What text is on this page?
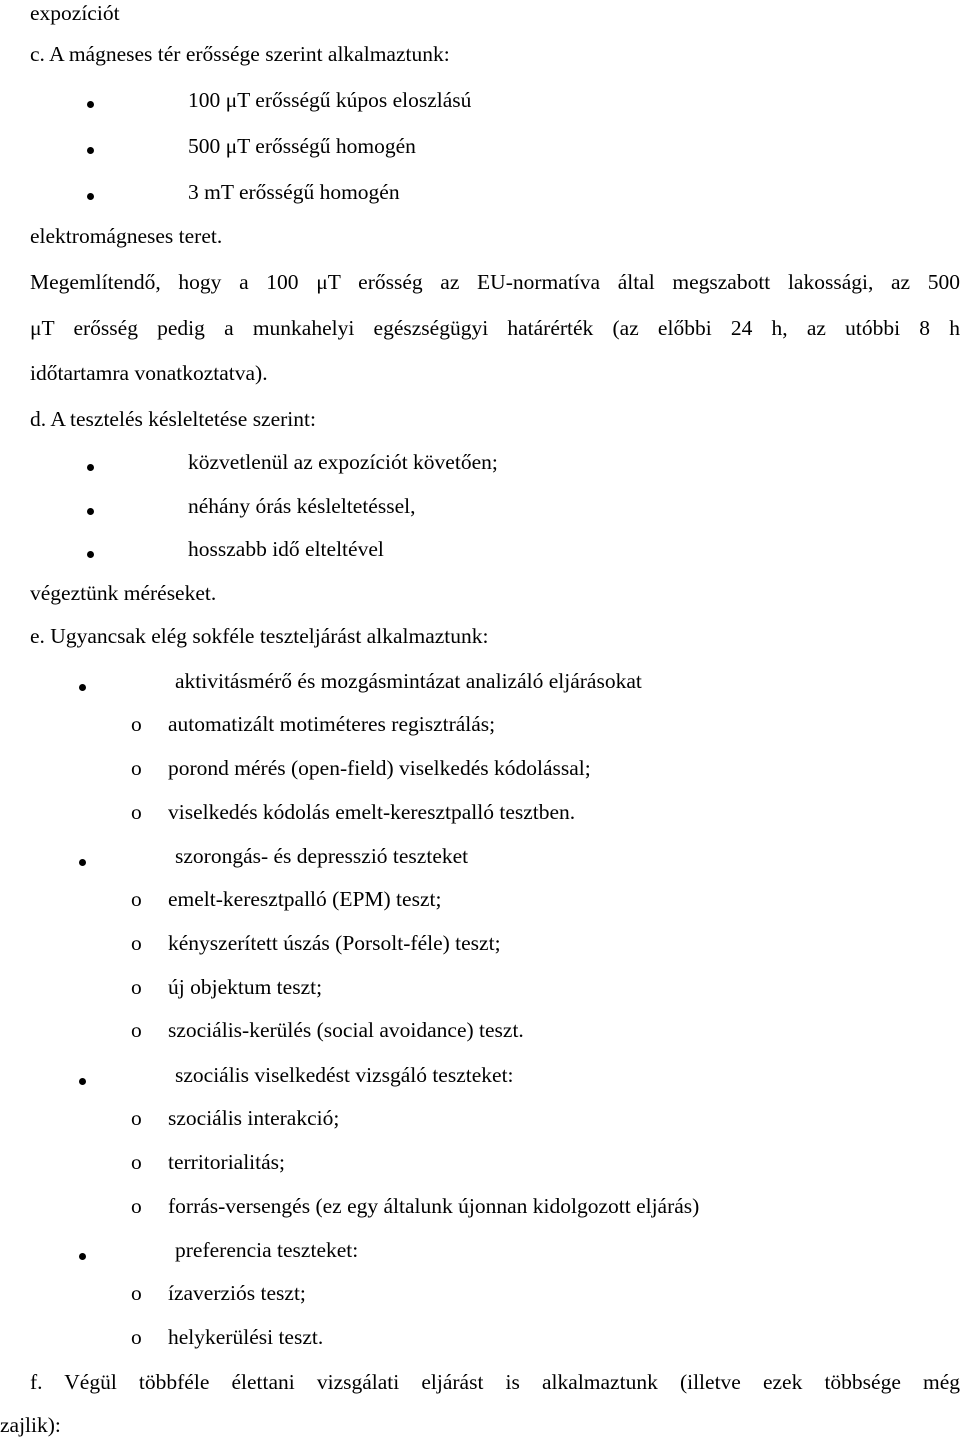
expozíciót
c. A mágneses tér erőssége szerint alkalmaztunk:
100 μT erősségű kúpos eloszlású
500 μT erősségű homogén
3 mT erősségű homogén
elektromágneses teret.
Megemlítendő, hogy a 100 μT erősség az EU-normatíva által megszabott lakossági, az 500
μT erősség pedig a munkahelyi egészségügyi határérték (az előbbi 24 h, az utóbbi 8 h
időtartamra vonatkoztatva).
d. A tesztelés késleltetése szerint:
közvetlenül az expozíciót követően;
néhány órás késleltetéssel,
hosszabb idő elteltével
végeztünk méréseket.
e. Ugyancsak elég sokféle teszteljárást alkalmaztunk:
aktivitásmérő és mozgásmintázat analizáló eljárásokat
o automatizált motiméteres regisztrálás;
o porond mérés (open-field) viselkedés kódolással;
o viselkedés kódolás emelt-keresztpalló tesztben.
szorongás- és depresszió teszteket
o emelt-keresztpalló (EPM) teszt;
o kényszerített úszás (Porsolt-féle) teszt;
o új objektum teszt;
o szociális-kerülés (social avoidance) teszt.
szociális viselkedést vizsgáló teszteket:
o szociális interakció;
o territorialitás;
o forrás-versengés (ez egy általunk újonnan kidolgozott eljárás)
preferencia teszteket:
o ízaverziós teszt;
o helykerülési teszt.
f. Végül többféle élettani vizsgálati eljárást is alkalmaztunk (illetve ezek többsége még
zajlik):
